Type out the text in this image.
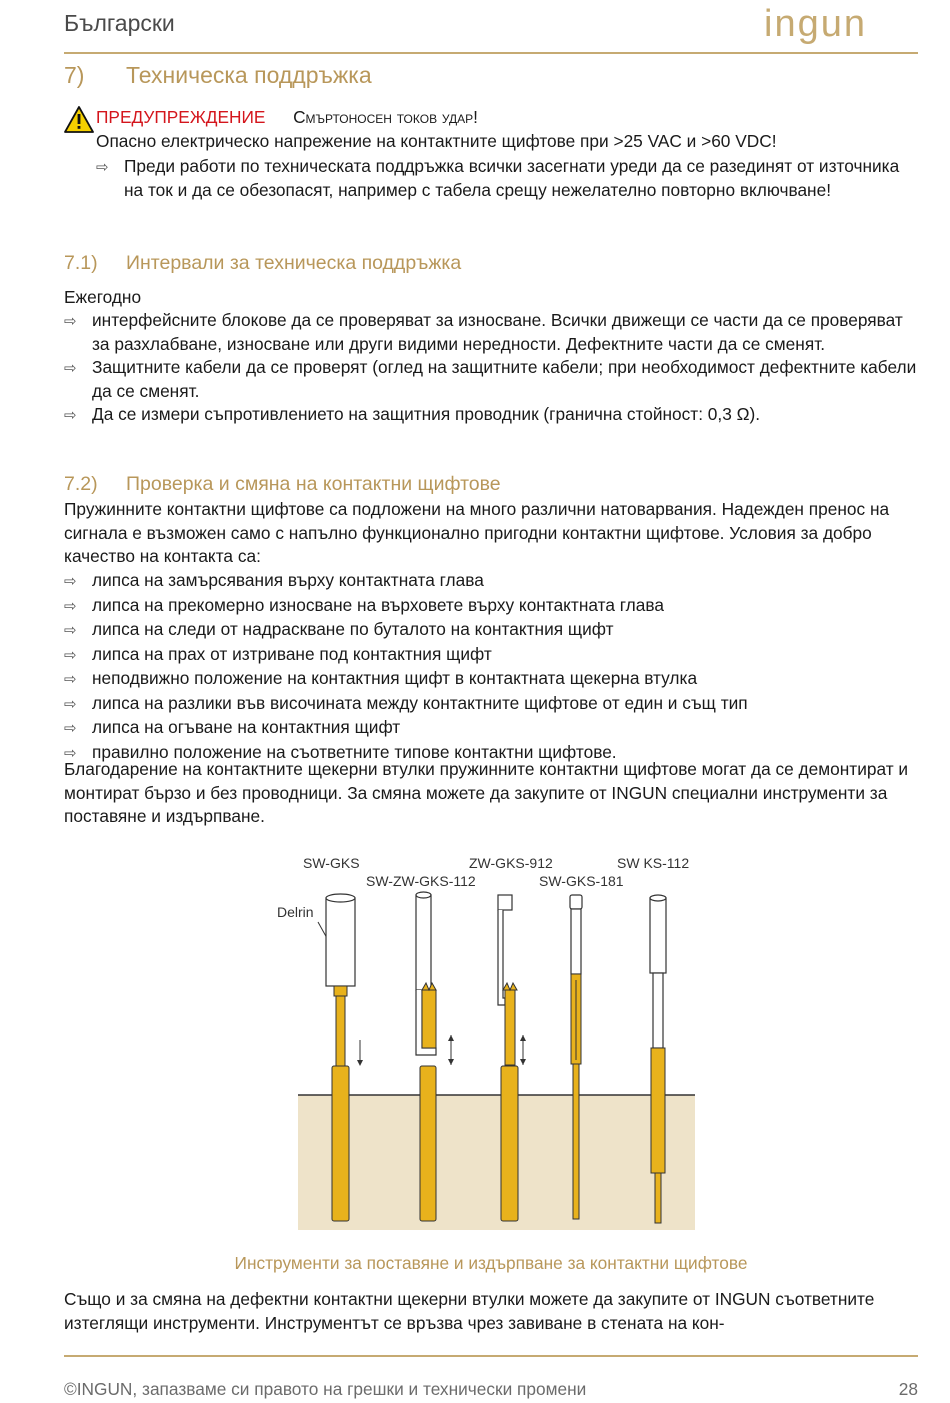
Български	ingun
7) Техническа поддръжка
ПРЕДУПРЕЖДЕНИЕ Смъртоносен токов удар!
Опасно електрическо напрежение на контактните щифтове при >25 VAC и >60 VDC!
⇨ Преди работи по техническата поддръжка всички засегнати уреди да се разединят от източника на ток и да се обезопасят, например с табела срещу нежелателно повторно включване!
7.1) Интервали за техническа поддръжка
Ежегодно
⇨ интерфейсните блокове да се проверяват за износване. Всички движещи се части да се проверяват за разхлабване, износване или други видими нередности. Дефектните части да се сменят.
⇨ Защитните кабели да се проверят (оглед на защитните кабели; при необходимост дефектните кабели да се сменят.
⇨ Да се измери съпротивлението на защитния проводник (гранична стойност: 0,3 Ω).
7.2) Проверка и смяна на контактни щифтове
Пружинните контактни щифтове са подложени на много различни натоварвания. Надежден пренос на сигнала е възможен само с напълно функционално пригодни контактни щифтове. Условия за добро качество на контакта са:
⇨ липса на замърсявания върху контактната глава
⇨ липса на прекомерно износване на върховете върху контактната глава
⇨ липса на следи от надраскване по буталото на контактния щифт
⇨ липса на прах от изтриване под контактния щифт
⇨ неподвижно положение на контактния щифт в контактната щекерна втулка
⇨ липса на разлики във височината между контактните щифтове от един и същ тип
⇨ липса на огъване на контактния щифт
⇨ правилно положение на съответните типове контактни щифтове.
Благодарение на контактните щекерни втулки пружинните контактни щифтове могат да се демонтират и монтират бързо и без проводници. За смяна можете да закупите от INGUN специални инструменти за поставяне и издърпване.
SW-GKS
SW-ZW-GKS-112
ZW-GKS-912
SW-GKS-181
SW KS-112
Delrin
Инструменти за поставяне и издърпване за контактни щифтове
Също и за смяна на дефектни контактни щекерни втулки можете да закупите от INGUN съответните изтеглящи инструменти. Инструментът се връзва чрез завиване в стената на кон-
©INGUN, запазваме си правото на грешки и технически промени	28
